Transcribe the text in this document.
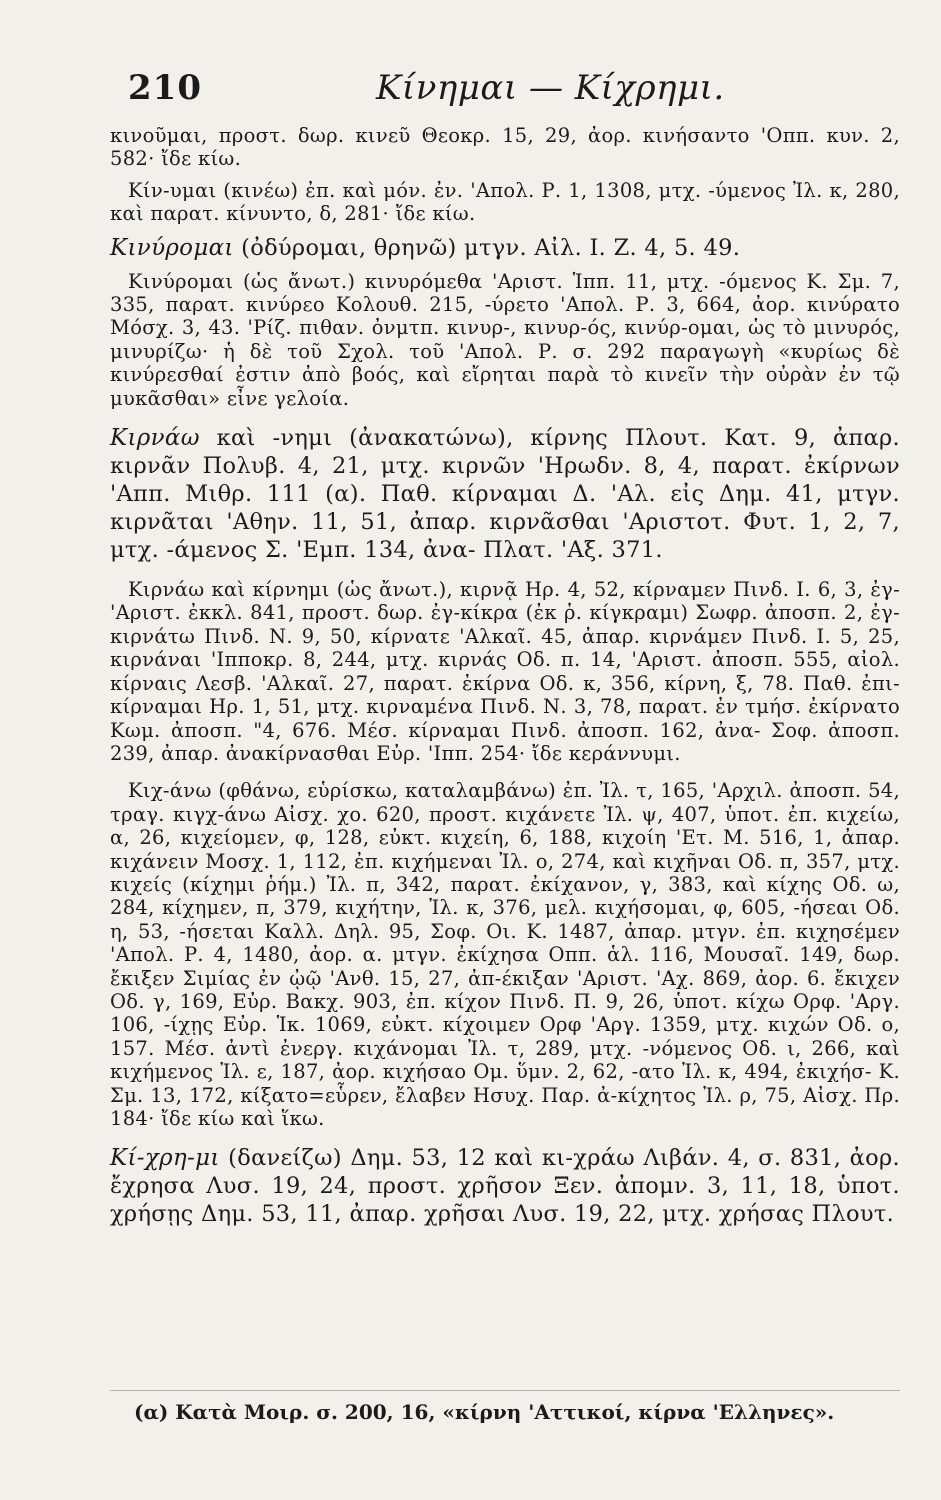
210	Κίνημαι — Κίχρημι.

κινοῦμαι, προστ. δωρ. κινεῦ Θεοκρ. 15, 29, ἀορ. κινήσαντο 'Οππ. κυν. 2, 582· ἴδε κίω.

Κίν-υμαι (κινέω) ἐπ. καὶ μόν. ἐν. 'Απολ. Ρ. 1, 1308, μτχ. -ύμενος Ἰλ. κ, 280, καὶ παρατ. κίνυντο, δ, 281· ἴδε κίω.

Κινύρομαι (ὀδύρομαι, θρηνῶ) μτγν. Αἰλ. Ι. Ζ. 4, 5. 49.

Κινύρομαι (ὡς ἄνωτ.) κινυρόμεθα 'Αριστ. Ἱππ. 11, μτχ. -όμενος Κ. Σμ. 7, 335, παρατ. κινύρεο Κολουθ. 215, -ύρετο 'Απολ. Ρ. 3, 664, ἀορ. κινύρατο Μόσχ. 3, 43. 'Ρίζ. πιθαν. ὀνμτπ. κινυρ-, κινυρ-ός, κινύρ-ομαι, ὡς τὸ μινυρός, μινυρίζω· ἡ δὲ τοῦ Σχολ. τοῦ 'Απολ. Ρ. σ. 292 παραγωγὴ «κυρίως δὲ κινύρεσθαί ἐστιν ἀπὸ βοός, καὶ εἴρηται παρὰ τὸ κινεῖν τὴν οὐρὰν ἐν τῷ μυκᾶσθαι» εἶνε γελοία.

Κιρνάω καὶ -νημι (ἀνακατώνω), κίρνης Πλουτ. Κατ. 9, ἀπαρ. κιρνᾶν Πολυβ. 4, 21, μτχ. κιρνῶν 'Ηρωδν. 8, 4, παρατ. ἐκίρνων 'Αππ. Μιθρ. 111 (α). Παθ. κίρναμαι Δ. 'Αλ. εἰς Δημ. 41, μτγν. κιρνᾶται 'Αθην. 11, 51, ἀπαρ. κιρνᾶσθαι 'Αριστοτ. Φυτ. 1, 2, 7, μτχ. -άμενος Σ. 'Εμπ. 134, ἀνα- Πλατ. 'Αξ. 371.

Κιρνάω καὶ κίρνημι (ὡς ἄνωτ.), κιρνᾷ Ηρ. 4, 52, κίρναμεν Πινδ. Ι. 6, 3, ἐγ- 'Αριστ. ἐκκλ. 841, προστ. δωρ. ἐγ-κίκρα (ἐκ ῥ. κίγκραμι) Σωφρ. ἀποσπ. 2, ἐγ-κιρνάτω Πινδ. Ν. 9, 50, κίρνατε 'Αλκαῖ. 45, ἀπαρ. κιρνάμεν Πινδ. Ι. 5, 25, κιρνάναι 'Ιπποκρ. 8, 244, μτχ. κιρνάς Οδ. π. 14, 'Αριστ. ἀποσπ. 555, αἰολ. κίρναις Λεσβ. 'Αλκαῖ. 27, παρατ. ἐκίρνα Οδ. κ, 356, κίρνη, ξ, 78. Παθ. ἐπι-κίρναμαι Ηρ. 1, 51, μτχ. κιρναμένα Πινδ. Ν. 3, 78, παρατ. ἐν τμήσ. ἐκίρνατο Κωμ. ἀποσπ. "4, 676. Μέσ. κίρναμαι Πινδ. ἀποσπ. 162, ἀνα- Σοφ. ἀποσπ. 239, ἀπαρ. ἀνακίρνασθαι Εὐρ. 'Ιππ. 254· ἴδε κεράννυμι.

Κιχ-άνω (φθάνω, εὑρίσκω, καταλαμβάνω) ἐπ. Ἰλ. τ, 165, 'Αρχιλ. ἀποσπ. 54, τραγ. κιγχ-άνω Αἰσχ. χο. 620, προστ. κιχάνετε Ἰλ. ψ, 407, ὑποτ. ἐπ. κιχείω, α, 26, κιχείομεν, φ, 128, εὐκτ. κιχείη, 6, 188, κιχοίη 'Ετ. Μ. 516, 1, ἀπαρ. κιχάνειν Μοσχ. 1, 112, ἐπ. κιχήμεναι Ἰλ. ο, 274, καὶ κιχῆναι Οδ. π, 357, μτχ. κιχείς (κίχημι ῥήμ.) Ἰλ. π, 342, παρατ. ἐκίχανον, γ, 383, καὶ κίχης Οδ. ω, 284, κίχημεν, π, 379, κιχήτην, Ἰλ. κ, 376, μελ. κιχήσομαι, φ, 605, -ήσεαι Οδ. η, 53, -ήσεται Καλλ. Δηλ. 95, Σοφ. Οι. Κ. 1487, ἀπαρ. μτγν. ἐπ. κιχησέμεν 'Απολ. Ρ. 4, 1480, ἀορ. α. μτγν. ἐκίχησα Οππ. ἁλ. 116, Μουσαῖ. 149, δωρ. ἔκιξεν Σιμίας ἐν ᾠῷ 'Ανθ. 15, 27, ἀπ-έκιξαν 'Αριστ. 'Αχ. 869, ἀορ. 6. ἔκιχεν Οδ. γ, 169, Εὐρ. Βακχ. 903, ἐπ. κίχον Πινδ. Π. 9, 26, ὑποτ. κίχω Ορφ. 'Αργ. 106, -ίχῃς Εὐρ. Ἱκ. 1069, εὐκτ. κίχοιμεν Ορφ 'Αργ. 1359, μτχ. κιχών Οδ. ο, 157. Μέσ. ἀντὶ ἐνεργ. κιχάνομαι Ἰλ. τ, 289, μτχ. -νόμενος Οδ. ι, 266, καὶ κιχήμενος Ἰλ. ε, 187, ἀορ. κιχήσαο Ομ. ὕμν. 2, 62, -ατο Ἰλ. κ, 494, ἐκιχήσ- Κ. Σμ. 13, 172, κίξατο=εὗρεν, ἔλαβεν Ησυχ. Παρ. ἀ-κίχητος Ἰλ. ρ, 75, Αἰσχ. Πρ. 184· ἴδε κίω καὶ ἵκω.

Κί-χρη-μι (δανείζω) Δημ. 53, 12 καὶ κι-χράω Λιβάν. 4, σ. 831, ἀορ. ἔχρησα Λυσ. 19, 24, προστ. χρῆσον Ξεν. ἀπομν. 3, 11, 18, ὑποτ. χρήσῃς Δημ. 53, 11, ἀπαρ. χρῆσαι Λυσ. 19, 22, μτχ. χρήσας Πλουτ.

(α) Κατὰ Μοιρ. σ. 200, 16, «κίρνη 'Αττικοί, κίρνα 'Ελληνες».
